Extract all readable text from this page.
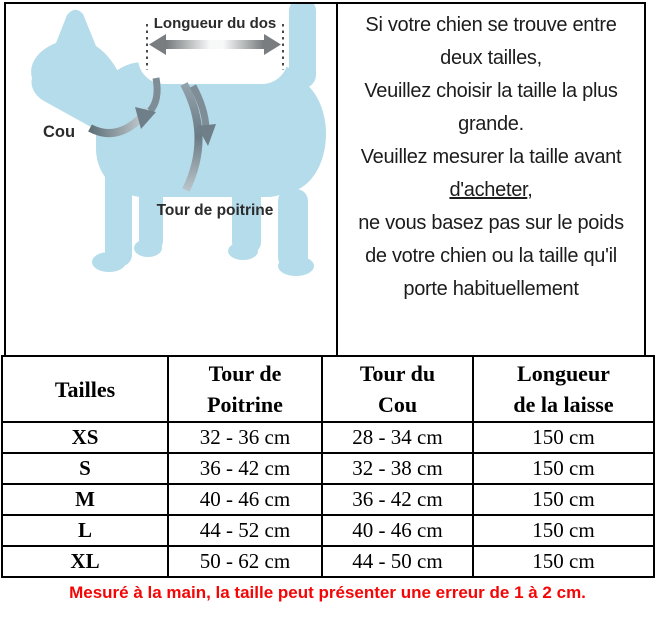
Longueur du dos
Cou
Tour de poitrine
Si votre chien se trouve entre
deux tailles,
Veuillez choisir la taille la plus
grande.
Veuillez mesurer la taille avant
d'acheter,
ne vous basez pas sur le poids
de votre chien ou la taille qu'il
porte habituellement
Tailles

Tour de
Poitrine

Tour du
Cou

Longueur
de la laisse

XS	32 - 36 cm	28 - 34 cm	150 cm
S	36 - 42 cm	32 - 38 cm	150 cm
M	40 - 46 cm	36 - 42 cm	150 cm
L	44 - 52 cm	40 - 46 cm	150 cm
XL	50 - 62 cm	44 - 50 cm	150 cm
Mesuré à la main, la taille peut présenter une erreur de 1 à 2 cm.
